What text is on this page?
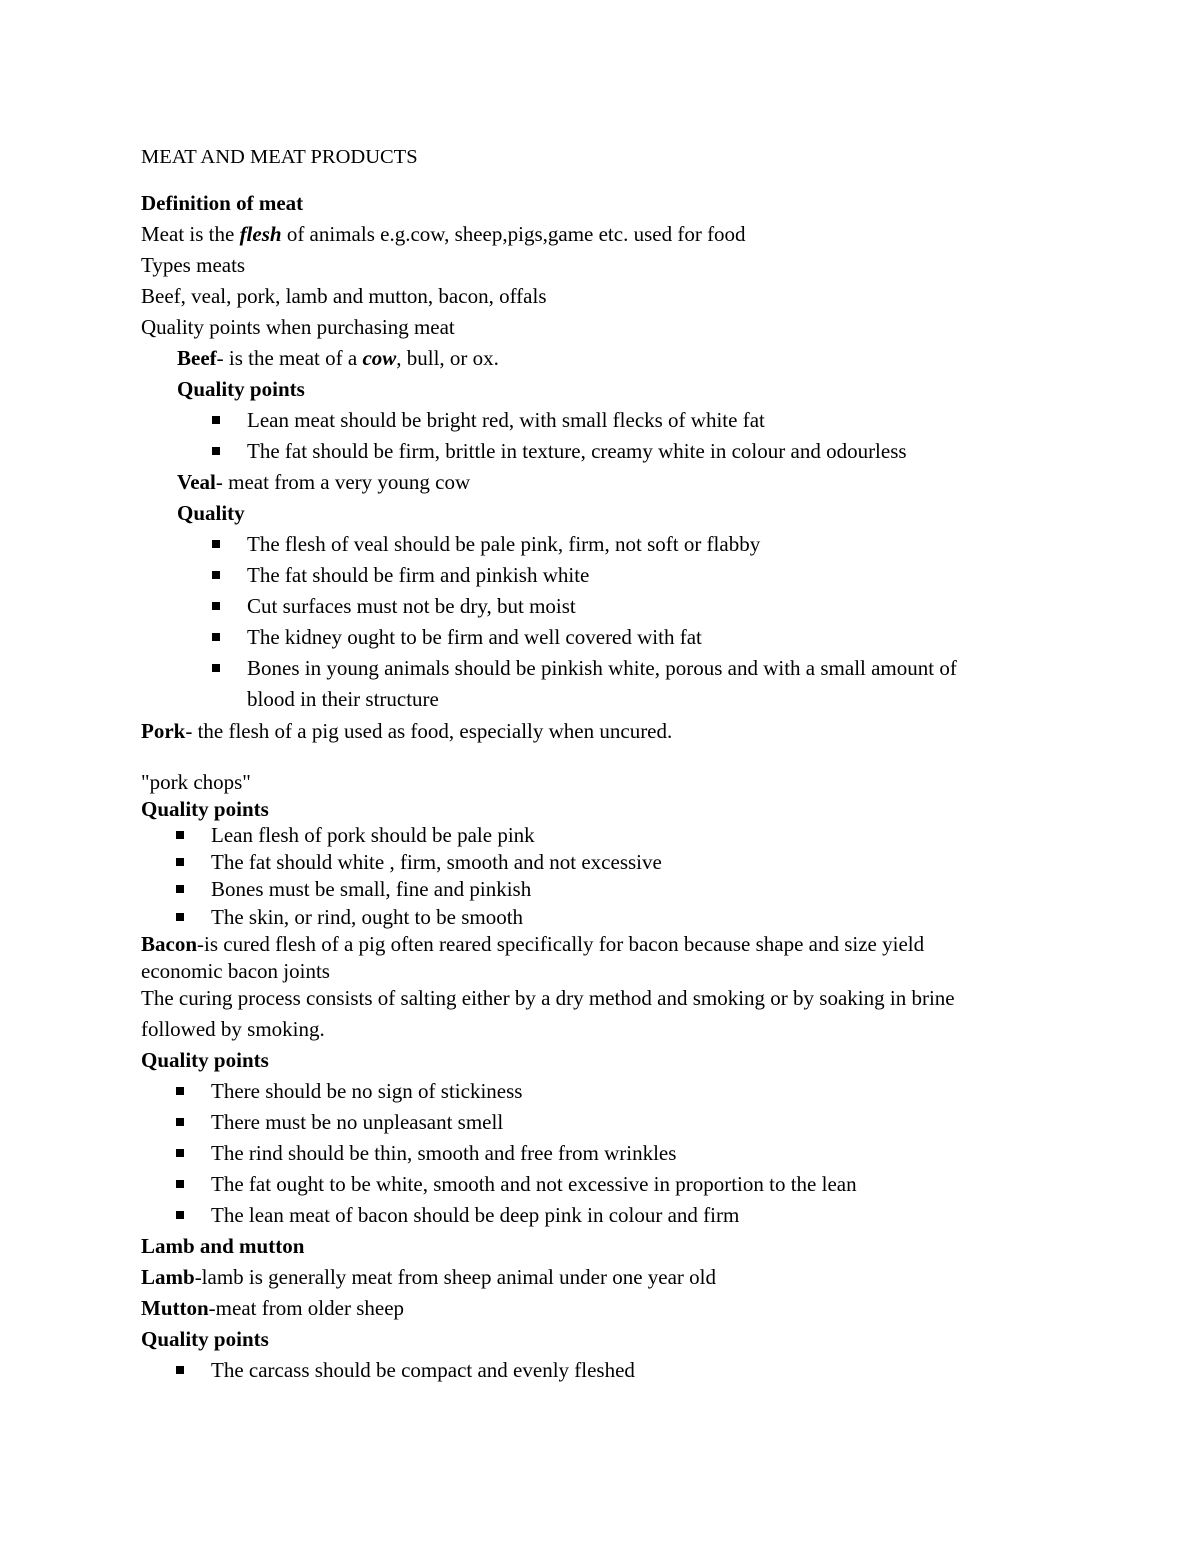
MEAT AND MEAT PRODUCTS
Definition of meat
Meat is the flesh of animals e.g.cow, sheep,pigs,game etc. used for food
Types meats
Beef, veal, pork, lamb and mutton, bacon, offals
Quality points when purchasing meat
Beef- is the meat of a cow, bull, or ox.
Quality points
Lean meat should be bright red, with small flecks of white fat
The fat should be firm, brittle in texture, creamy white in colour and odourless
Veal- meat from a very young cow
Quality
The flesh of veal should be pale pink, firm, not soft or flabby
The fat should be firm and pinkish white
Cut surfaces must not be dry, but moist
The kidney ought to be firm and well covered with fat
Bones in young animals should be pinkish white, porous and with a small amount of
blood in their structure
Pork- the flesh of a pig used as food, especially when uncured.
"pork chops"
Quality points
Lean flesh of pork should be pale pink
The fat should white , firm, smooth and not excessive
Bones must be small, fine and pinkish
The skin, or rind, ought to be smooth
Bacon-is cured flesh of a pig often reared specifically for bacon because shape and size yield
economic bacon joints
The curing process consists of salting either by a dry method and smoking or by soaking in brine
followed by smoking.
Quality points
There should be no sign of stickiness
There must be no unpleasant smell
The rind should be thin, smooth and free from wrinkles
The fat ought to be white, smooth and not excessive in proportion to the lean
The lean meat of bacon should be deep pink in colour and firm
Lamb and mutton
Lamb-lamb is generally meat from sheep animal under one year old
Mutton-meat from older sheep
Quality points
The carcass should be compact and evenly fleshed
